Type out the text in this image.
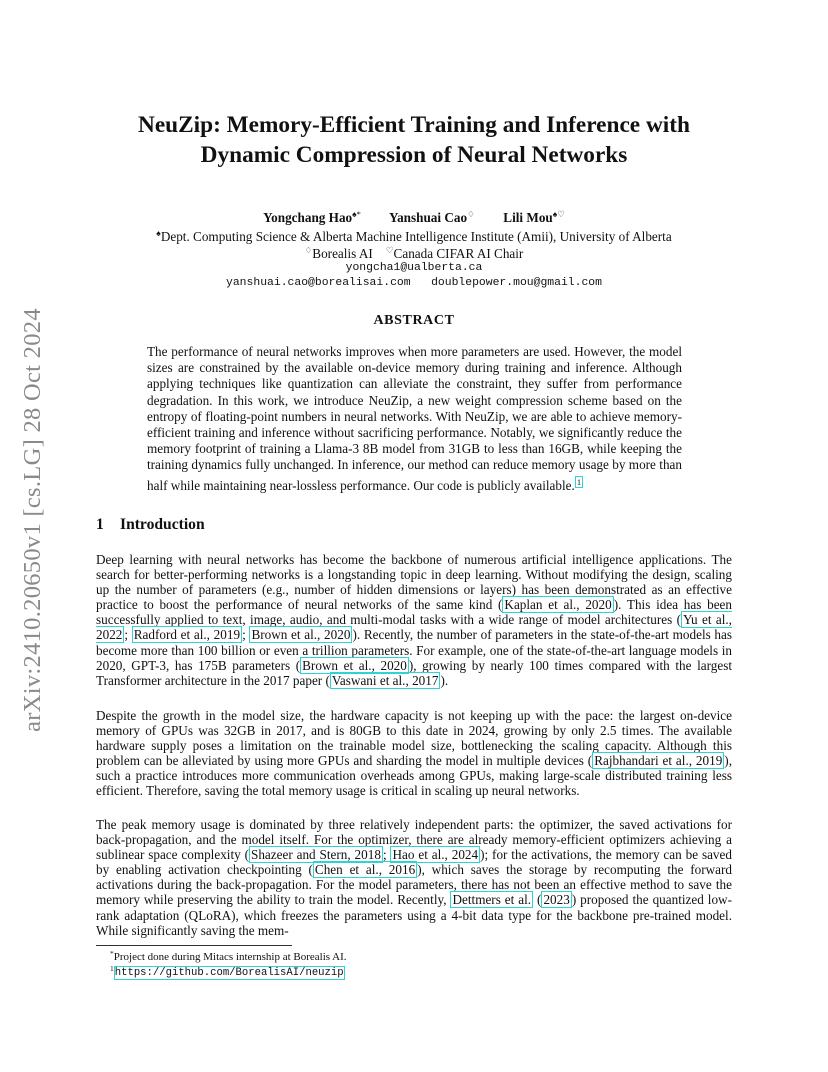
arXiv:2410.20650v1 [cs.LG] 28 Oct 2024
NeuZip: Memory-Efficient Training and Inference with
Dynamic Compression of Neural Networks
Yongchang Hao♠* Yanshuai Cao♢ Lili Mou♠♡
♠Dept. Computing Science & Alberta Machine Intelligence Institute (Amii), University of Alberta
♢Borealis AI ♡Canada CIFAR AI Chair
yongcha1@ualberta.ca
yanshuai.cao@borealisai.com   doublepower.mou@gmail.com
ABSTRACT
The performance of neural networks improves when more parameters are used. However, the model sizes are constrained by the available on-device memory during training and inference. Although applying techniques like quantization can alleviate the constraint, they suffer from performance degradation. In this work, we introduce NeuZip, a new weight compression scheme based on the entropy of floating-point numbers in neural networks. With NeuZip, we are able to achieve memory-efficient training and inference without sacrificing performance. Notably, we significantly reduce the memory footprint of training a Llama-3 8B model from 31GB to less than 16GB, while keeping the training dynamics fully unchanged. In inference, our method can reduce memory usage by more than half while maintaining near-lossless performance. Our code is publicly available. $^1$
1 Introduction
Deep learning with neural networks has become the backbone of numerous artificial intelligence applications. The search for better-performing networks is a longstanding topic in deep learning. Without modifying the design, scaling up the number of parameters (e.g., number of hidden dimensions or layers) has been demonstrated as an effective practice to boost the performance of neural networks of the same kind ( Kaplan et al., 2020 ). This idea has been successfully applied to text, image, audio, and multi-modal tasks with a wide range of model architectures ( Yu et al., 2022 ; Radford et al., 2019 ; Brown et al., 2020 ). Recently, the number of parameters in the state-of-the-art models has become more than 100 billion or even a trillion parameters. For example, one of the state-of-the-art language models in 2020, GPT-3, has 175B parameters ( Brown et al., 2020 ), growing by nearly 100 times compared with the largest Transformer architecture in the 2017 paper ( Vaswani et al., 2017 ).
Despite the growth in the model size, the hardware capacity is not keeping up with the pace: the largest on-device memory of GPUs was 32GB in 2017, and is 80GB to this date in 2024, growing by only 2.5 times. The available hardware supply poses a limitation on the trainable model size, bottlenecking the scaling capacity. Although this problem can be alleviated by using more GPUs and sharding the model in multiple devices ( Rajbhandari et al., 2019 ), such a practice introduces more communication overheads among GPUs, making large-scale distributed training less efficient. Therefore, saving the total memory usage is critical in scaling up neural networks.
The peak memory usage is dominated by three relatively independent parts: the optimizer, the saved activations for back-propagation, and the model itself. For the optimizer, there are already memory-efficient optimizers achieving a sublinear space complexity ( Shazeer and Stern, 2018 ; Hao et al., 2024 ); for the activations, the memory can be saved by enabling activation checkpointing ( Chen et al., 2016 ), which saves the storage by recomputing the forward activations during the back-propagation. For the model parameters, there has not been an effective method to save the memory while preserving the ability to train the model. Recently, Dettmers et al. ( 2023 ) proposed the quantized low-rank adaptation (QLoRA), which freezes the parameters using a 4-bit data type for the backbone pre-trained model. While significantly saving the mem-
*Project done during Mitacs internship at Borealis AI.
$^1$https://github.com/BorealisAI/neuzip
